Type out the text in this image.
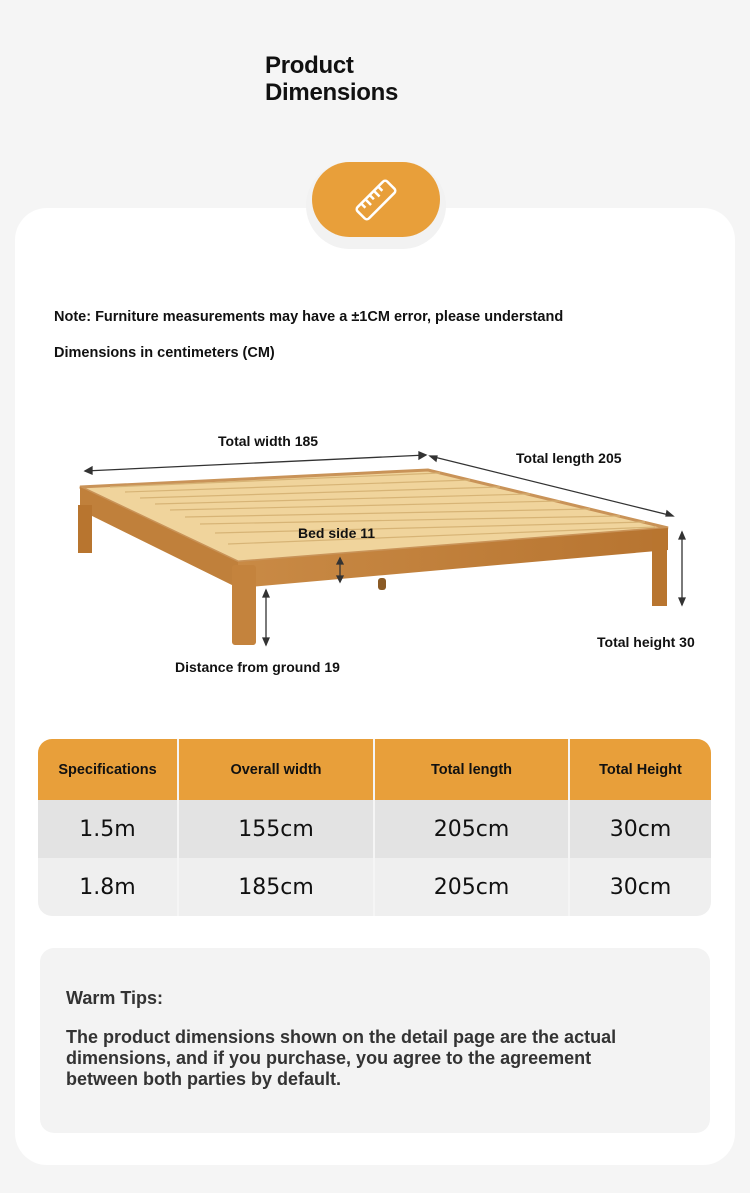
Product
Dimensions
Note: Furniture measurements may have a ±1CM error, please understand
Dimensions in centimeters (CM)
Total width 185
Total length 205
Bed side 11
Total height 30
Distance from ground 19
Specifications	Overall width	Total length	Total Height
1.5m	155cm	205cm	30cm
1.8m	185cm	205cm	30cm
Warm Tips:

The product dimensions shown on the detail page are the actual dimensions, and if you purchase, you agree to the agreement between both parties by default.
